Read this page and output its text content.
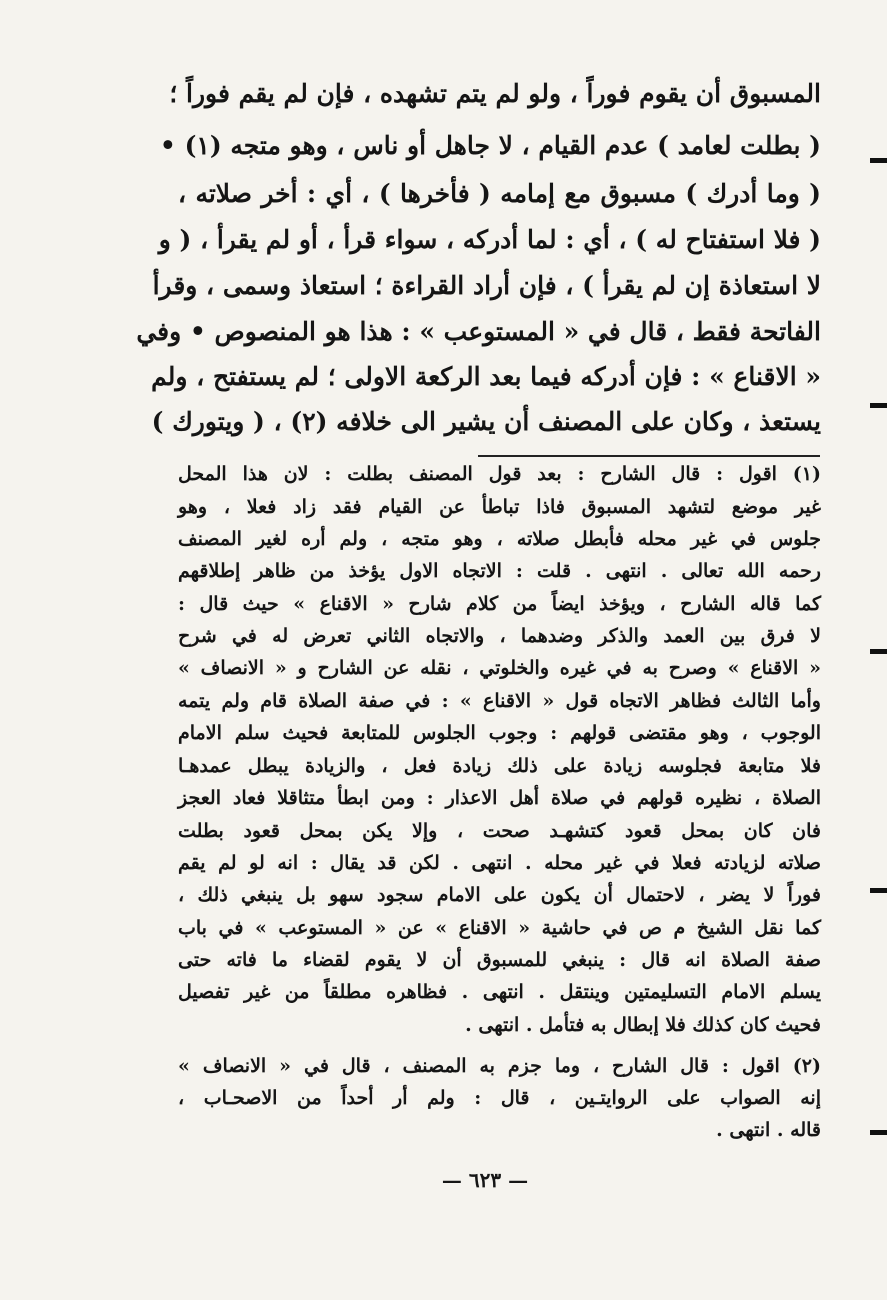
المسبوق أن يقوم فوراً ، ولو لم يتم تشهده ، فإن لم يقم فوراً ؛
( بطلت لعامد ) عدم القيام ، لا جاهل أو ناس ، وهو متجه (١) •
( وما أدرك ) مسبوق مع إمامه ( فأخرها ) ، أي : أخر صلاته ،
( فلا استفتاح له ) ، أي : لما أدركه ، سواء قرأ ، أو لم يقرأ ، ( و
لا استعاذة إن لم يقرأ ) ، فإن أراد القراءة ؛ استعاذ وسمى ، وقرأ
الفاتحة فقط ، قال في « المستوعب » : هذا هو المنصوص • وفي
« الاقناع » : فإن أدركه فيما بعد الركعة الاولى ؛ لم يستفتح ، ولم
يستعذ ، وكان على المصنف أن يشير الى خلافه (٢) ، ( ويتورك )
(١) اقول : قال الشارح : بعد قول المصنف بطلت : لان هذا المحل
غير موضع لتشهد المسبوق فاذا تباطأ عن القيام فقد زاد فعلا ، وهو
جلوس في غير محله فأبطل صلاته ، وهو متجه ، ولم أره لغير المصنف
رحمه الله تعالى . انتهى . قلت : الاتجاه الاول يؤخذ من ظاهر إطلاقهم
كما قاله الشارح ، ويؤخذ ايضاً من كلام شارح « الاقناع » حيث قال :
لا فرق بين العمد والذكر وضدهما ، والاتجاه الثاني تعرض له في شرح
« الاقناع » وصرح به في غيره والخلوتي ، نقله عن الشارح و « الانصاف »
وأما الثالث فظاهر الاتجاه قول « الاقناع » : في صفة الصلاة قام ولم يتمه
الوجوب ، وهو مقتضى قولهم : وجوب الجلوس للمتابعة فحيث سلم الامام
فلا متابعة فجلوسه زيادة على ذلك زيادة فعل ، والزيادة يبطل عمدهـا
الصلاة ، نظيره قولهم في صلاة أهل الاعذار : ومن ابطأ متثاقلا فعاد العجز
فان كان بمحل قعود كتشهـد صحت ، وإلا يكن بمحل قعود بطلت
صلاته لزيادته فعلا في غير محله . انتهى . لكن قد يقال : انه لو لم يقم
فوراً لا يضر ، لاحتمال أن يكون على الامام سجود سهو بل ينبغي ذلك ،
كما نقل الشيخ م ص في حاشية « الاقناع » عن « المستوعب » في باب
صفة الصلاة انه قال : ينبغي للمسبوق أن لا يقوم لقضاء ما فاته حتى
يسلم الامام التسليمتين وينتقل . انتهى . فظاهره مطلقاً من غير تفصيل
فحيث كان كذلك فلا إبطال به فتأمل . انتهى .
(٢) اقول : قال الشارح ، وما جزم به المصنف ، قال في « الانصاف »
إنه الصواب على الروايتـين ، قال : ولم أر أحداً من الاصحـاب ،
قاله . انتهى .
— ٦٢٣ —
